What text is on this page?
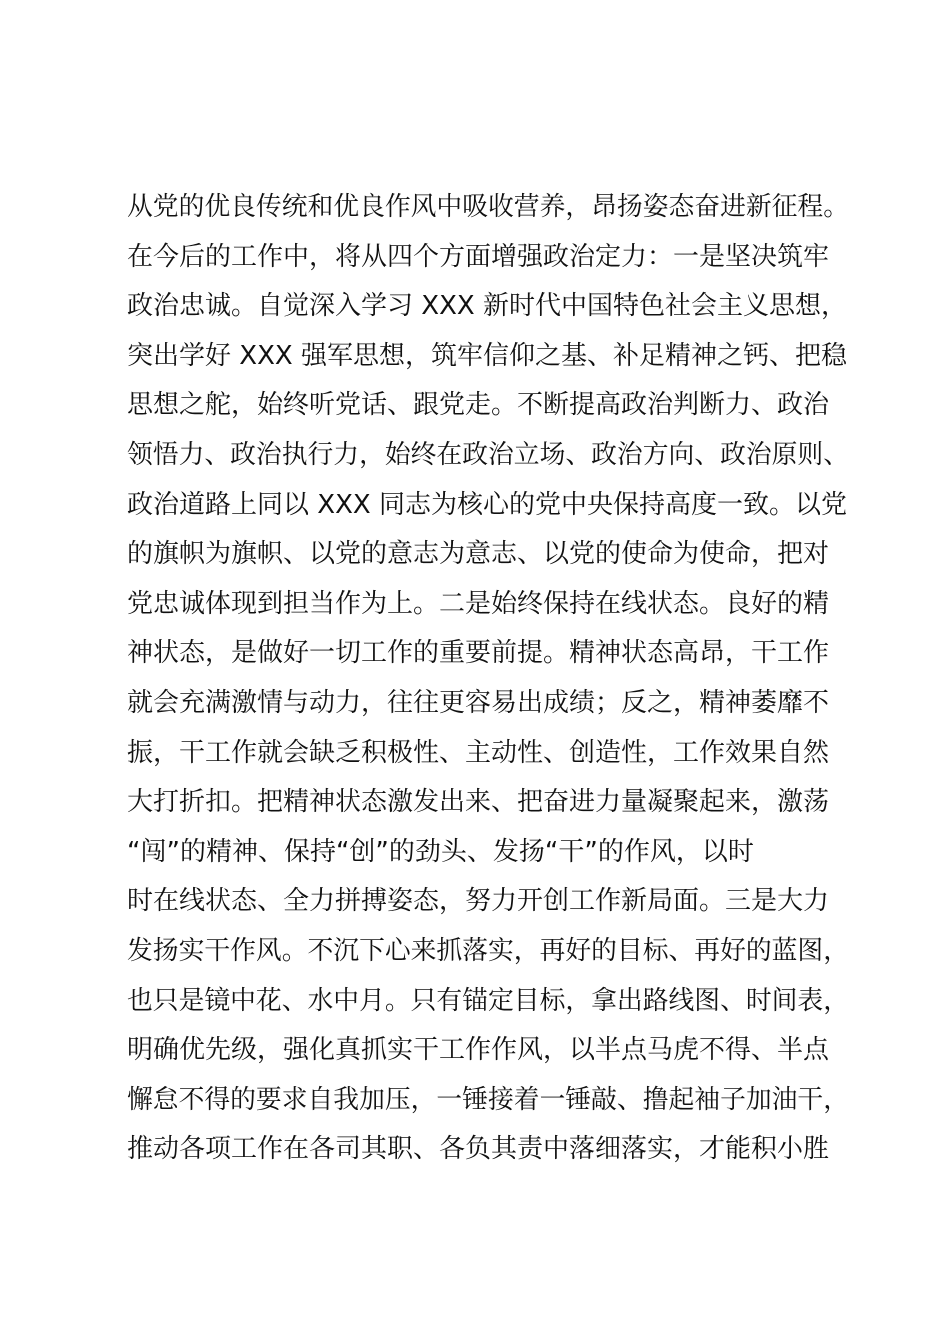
从党的优良传统和优良作风中吸收营养，昂扬姿态奋进新征程。
在今后的工作中，将从四个方面增强政治定力：一是坚决筑牢
政治忠诚。自觉深入学习 XXX 新时代中国特色社会主义思想，
突出学好 XXX 强军思想，筑牢信仰之基、补足精神之钙、把稳
思想之舵，始终听党话、跟党走。不断提高政治判断力、政治
领悟力、政治执行力，始终在政治立场、政治方向、政治原则、
政治道路上同以 XXX 同志为核心的党中央保持高度一致。以党
的旗帜为旗帜、以党的意志为意志、以党的使命为使命，把对
党忠诚体现到担当作为上。二是始终保持在线状态。良好的精
神状态，是做好一切工作的重要前提。精神状态高昂，干工作
就会充满激情与动力，往往更容易出成绩；反之，精神萎靡不
振，干工作就会缺乏积极性、主动性、创造性，工作效果自然
大打折扣。把精神状态激发出来、把奋进力量凝聚起来，激荡
“闯”的精神、保持“创”的劲头、发扬“干”的作风，以时
时在线状态、全力拼搏姿态，努力开创工作新局面。三是大力
发扬实干作风。不沉下心来抓落实，再好的目标、再好的蓝图，
也只是镜中花、水中月。只有锚定目标，拿出路线图、时间表，
明确优先级，强化真抓实干工作作风，以半点马虎不得、半点
懈怠不得的要求自我加压，一锤接着一锤敲、撸起袖子加油干，
推动各项工作在各司其职、各负其责中落细落实，才能积小胜
